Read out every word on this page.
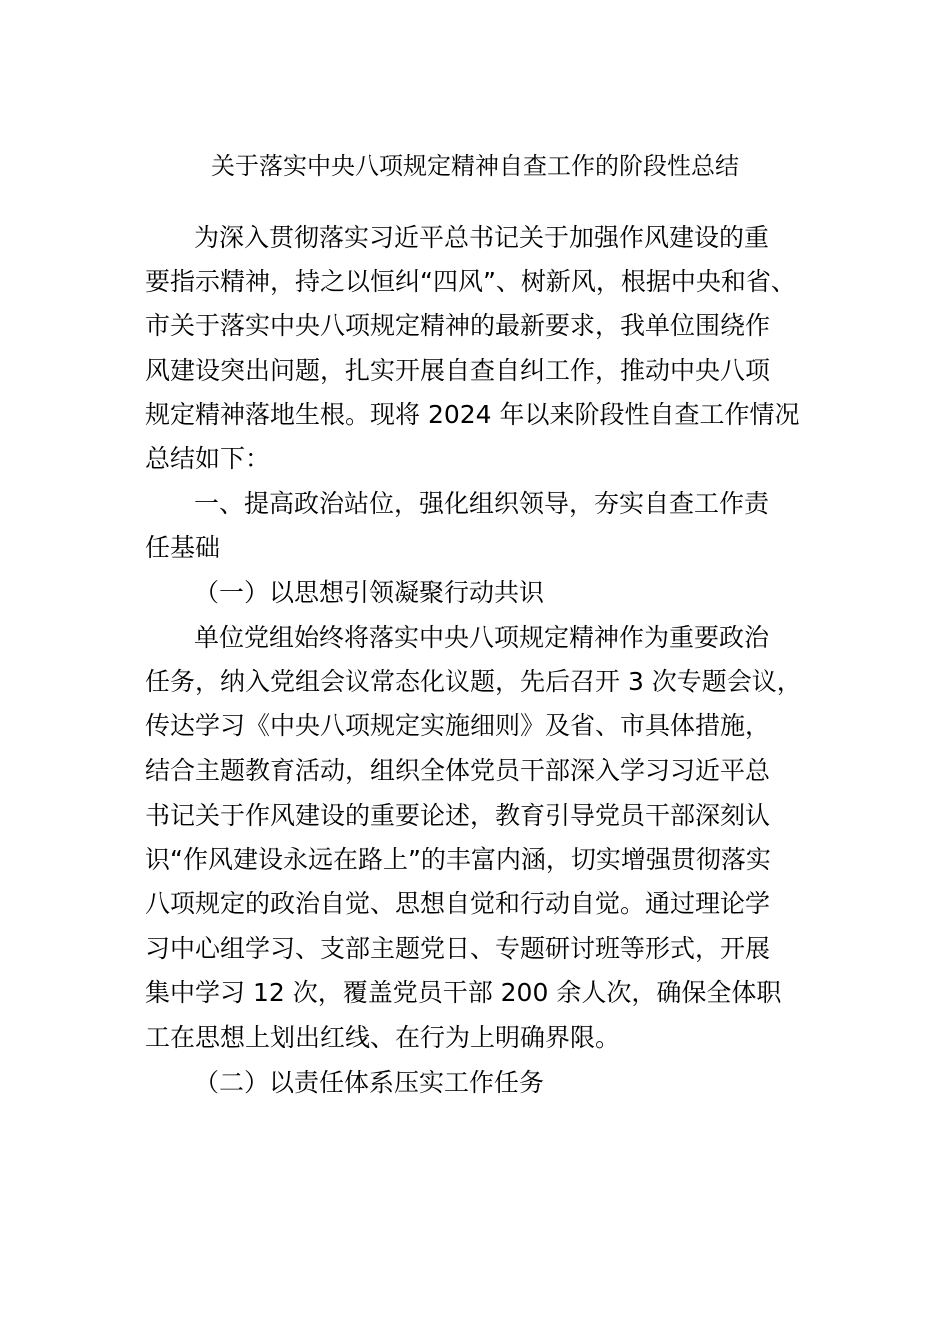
关于落实中央八项规定精神自查工作的阶段性总结
为深入贯彻落实习近平总书记关于加强作风建设的重
要指示精神，持之以恒纠“四风”、树新风，根据中央和省、
市关于落实中央八项规定精神的最新要求，我单位围绕作
风建设突出问题，扎实开展自查自纠工作，推动中央八项
规定精神落地生根。现将 2024 年以来阶段性自查工作情况
总结如下：
一、提高政治站位，强化组织领导，夯实自查工作责
任基础
（一）以思想引领凝聚行动共识
单位党组始终将落实中央八项规定精神作为重要政治
任务，纳入党组会议常态化议题，先后召开 3 次专题会议，
传达学习《中央八项规定实施细则》及省、市具体措施，
结合主题教育活动，组织全体党员干部深入学习习近平总
书记关于作风建设的重要论述，教育引导党员干部深刻认
识“作风建设永远在路上”的丰富内涵，切实增强贯彻落实
八项规定的政治自觉、思想自觉和行动自觉。通过理论学
习中心组学习、支部主题党日、专题研讨班等形式，开展
集中学习 12 次，覆盖党员干部 200 余人次，确保全体职
工在思想上划出红线、在行为上明确界限。
（二）以责任体系压实工作任务
